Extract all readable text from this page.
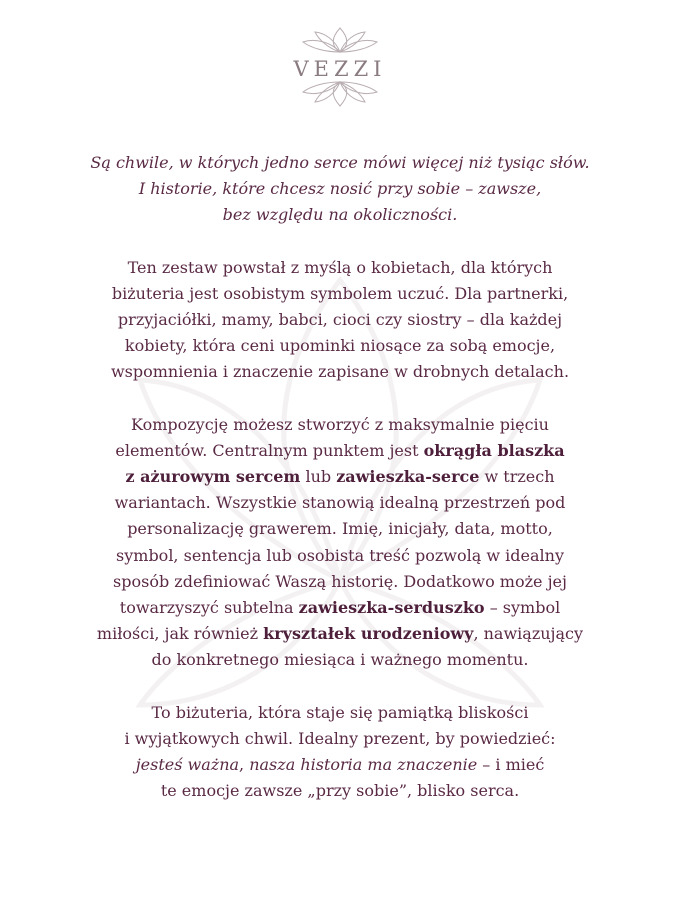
VEZZI

Są chwile, w których jedno serce mówi więcej niż tysiąc słów.
I historie, które chcesz nosić przy sobie – zawsze,
bez względu na okoliczności.

Ten zestaw powstał z myślą o kobietach, dla których
biżuteria jest osobistym symbolem uczuć. Dla partnerki,
przyjaciółki, mamy, babci, cioci czy siostry – dla każdej
kobiety, która ceni upominki niosące za sobą emocje,
wspomnienia i znaczenie zapisane w drobnych detalach.

Kompozycję możesz stworzyć z maksymalnie pięciu
elementów. Centralnym punktem jest okrągła blaszka
z ażurowym sercem lub zawieszka-serce w trzech
wariantach. Wszystkie stanowią idealną przestrzeń pod
personalizację grawerem. Imię, inicjały, data, motto,
symbol, sentencja lub osobista treść pozwolą w idealny
sposób zdefiniować Waszą historię. Dodatkowo może jej
towarzyszyć subtelna zawieszka-serduszko – symbol
miłości, jak również kryształek urodzeniowy, nawiązujący
do konkretnego miesiąca i ważnego momentu.

To biżuteria, która staje się pamiątką bliskości
i wyjątkowych chwil. Idealny prezent, by powiedzieć:
jesteś ważna, nasza historia ma znaczenie – i mieć
te emocje zawsze „przy sobie”, blisko serca.
